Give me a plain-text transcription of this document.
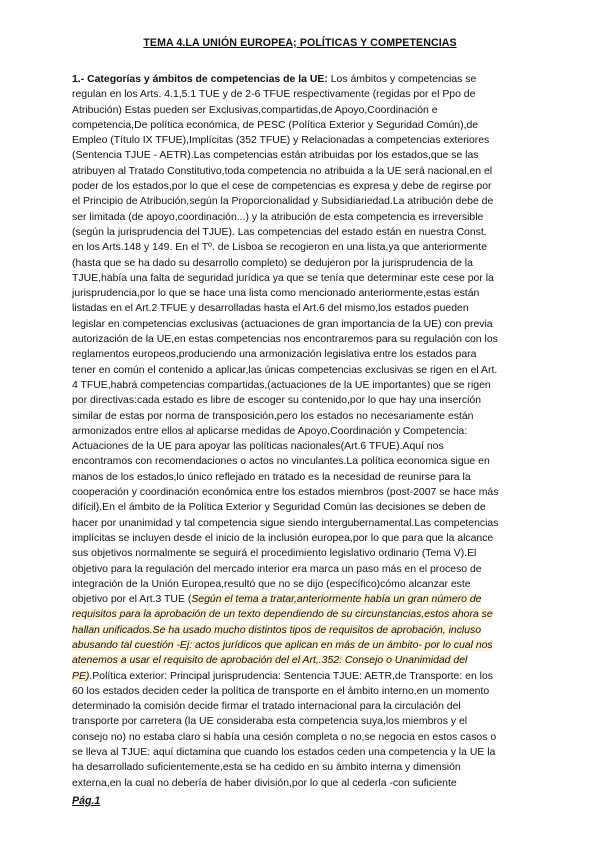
TEMA 4.LA UNIÓN EUROPEA; POLÍTICAS Y COMPETENCIAS
1.- Categorías y ámbitos de competencias de la UE: Los ámbitos y competencias se
regulan en los Arts. 4.1,5.1 TUE y de 2-6 TFUE respectivamente (regidas por el Ppo de
Atribución) Estas pueden ser Exclusivas,compartidas,de Apoyo,Coordinación e
competencia,De política económica, de PESC (Política Exterior y Seguridad Común),de
Empleo (Título IX TFUE),Implícitas (352 TFUE) y Relacionadas a competencias exteriores
(Sentencia TJUE - AETR).Las competencias están atribuidas por los estados,que se las
atribuyen al Tratado Constitutivo,toda competencia no atribuida a la UE será nacional,en el
poder de los estados,por lo que el cese de competencias es expresa y debe de regirse por
el Principio de Atribución,según la Proporcionalidad y Subsidiariedad.La atribución debe de
ser limitada (de apoyo,coordinación...) y la atribución de esta competencia es irreversible
(según la jurisprudencia del TJUE). Las competencias del estado están en nuestra Const.
en los Arts.148 y 149. En el Tº. de Lisboa se recogieron en una lista,ya que anteriormente
(hasta que se ha dado su desarrollo completo) se dedujeron por la jurisprudencia de la
TJUE,había una falta de seguridad jurídica ya que se tenía que determinar este cese por la
jurisprudencia,por lo que se hace una lista como mencionado anteriormente,estas están
listadas en el Art.2 TFUE y desarrolladas hasta el Art.6 del mismo,los estados pueden
legislar en competencias exclusivas (actuaciones de gran importancia de la UE) con previa
autorización de la UE,en estas competencias nos encontraremos para su regulación con los
reglamentos europeos,produciendo una armonización legislativa entre los estados para
tener en común el contenido a aplicar,las únicas competencias exclusivas se rigen en el Art.
4 TFUE,habrá competencias compartidas,(actuaciones de la UE importantes) que se rigen
por directivas:cada estado es libre de escoger su contenido,por lo que hay una inserción
similar de estas por norma de transposición,pero los estados no necesariamente están
armonizados entre ellos al aplicarse medidas de Apoyo,Coordinación y Competencia:
Actuaciones de la UE para apoyar las políticas nacionales(Art.6 TFUE).Aquí nos
encontramos con recomendaciones o actos no vinculantes.La política economica sigue en
manos de los estados,lo único reflejado en tratado es la necesidad de reunirse para la
cooperación y coordinación económica entre los estados miembros (post-2007 se hace más
difícil).En el ámbito de la Política Exterior y Seguridad Común las decisiones se deben de
hacer por unanimidad y tal competencia sigue siendo intergubernamental.Las competencias
implícitas se incluyen desde el inicio de la inclusión europea,por lo que para que la alcance
sus objetivos normalmente se seguirá el procedimiento legislativo ordinario (Tema V).El
objetivo para la regulación del mercado interior era marca un paso más en el proceso de
integración de la Unión Europea,resultó que no se dijo (específico)cómo alcanzar este
objetivo por el Art.3 TUE (Según el tema a tratar,anteriormente había un gran número de
requisitos para la aprobación de un texto dependiendo de su circunstancias,estos ahora se
hallan unificados.Se ha usado mucho distintos tipos de requisitos de aprobación, incluso
abusando tal cuestión -Ej: actos jurídicos que aplican en más de un ámbito- por lo cual nos
atenemos a usar el requisito de aprobación del el Art,.352: Consejo o Unanimidad del
PE).Política exterior: Principal jurisprudencia: Sentencia TJUE: AETR,de Transporte: en los
60 los estados deciden ceder la política de transporte en el ámbito interno,en un momento
determinado la comisión decide firmar el tratado internacional para la circulación del
transporte por carretera (la UE consideraba esta competencia suya,los miembros y el
consejo no) no estaba claro si había una cesión completa o no,se negocia en estos casos o
se lleva al TJUE: aquí dictamina que cuando los estados ceden una competencia y la UE la
ha desarrollado suficientemente,esta se ha cedido en su ámbito interna y dimensión
externa,en la cual no debería de haber división,por lo que al cederla -con suficiente
Pág.1
